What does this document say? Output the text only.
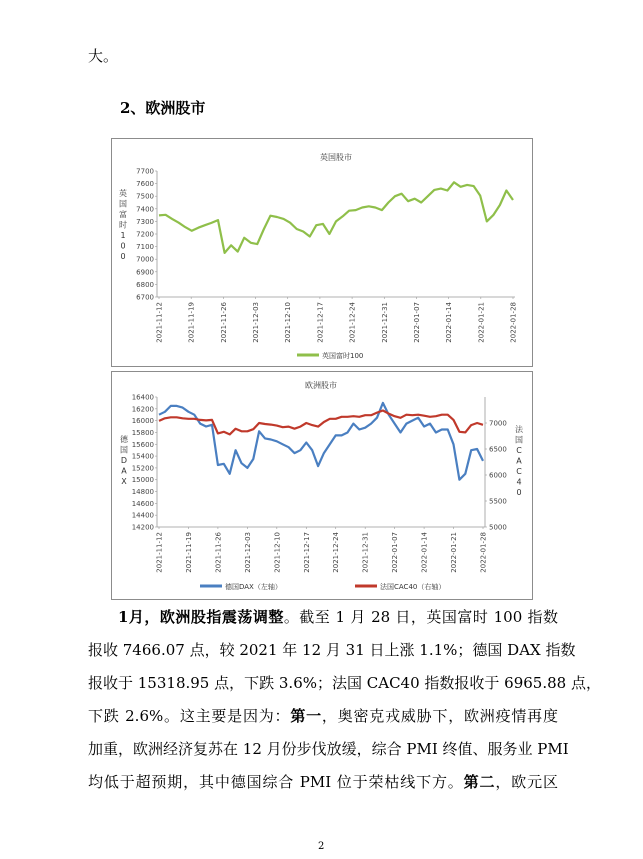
大。
2、欧洲股市
英国股市
7700
7600
7500
7400
7300
7200
7100
7000
6900
6800
6700
2021-11-12	2021-11-19	2021-11-26	2021-12-03	2021-12-10	2021-12-17	2021-12-24	2021-12-31	2022-01-07	2022-01-14	2022-01-21	2022-01-28
英
国
富
时
1
0
0
英国富时100
欧洲股市
16400
16200
16000
15800
15600
15400
15200
15000
14800
14600
14400
14200
7000
6500
6000
5500
5000
2021-11-12	2021-11-19	2021-11-26	2021-12-03	2021-12-10	2021-12-17	2021-12-24	2021-12-31	2022-01-07	2022-01-14	2022-01-21	2022-01-28
德
国
D
A
X
法
国
C
A
C
4
0
德国DAX（左轴）	法国CAC40（右轴）
1月，欧洲股指震荡调整。截至 1 月 28 日，英国富时 100 指数
报收 7466.07 点，较 2021 年 12 月 31 日上涨 1.1%；德国 DAX 指数
报收于 15318.95 点，下跌 3.6%；法国 CAC40 指数报收于 6965.88 点，
下跌 2.6%。这主要是因为：第一，奥密克戎威胁下，欧洲疫情再度
加重，欧洲经济复苏在 12 月份步伐放缓，综合 PMI 终值、服务业 PMI
均低于超预期，其中德国综合 PMI 位于荣枯线下方。第二，欧元区
2
